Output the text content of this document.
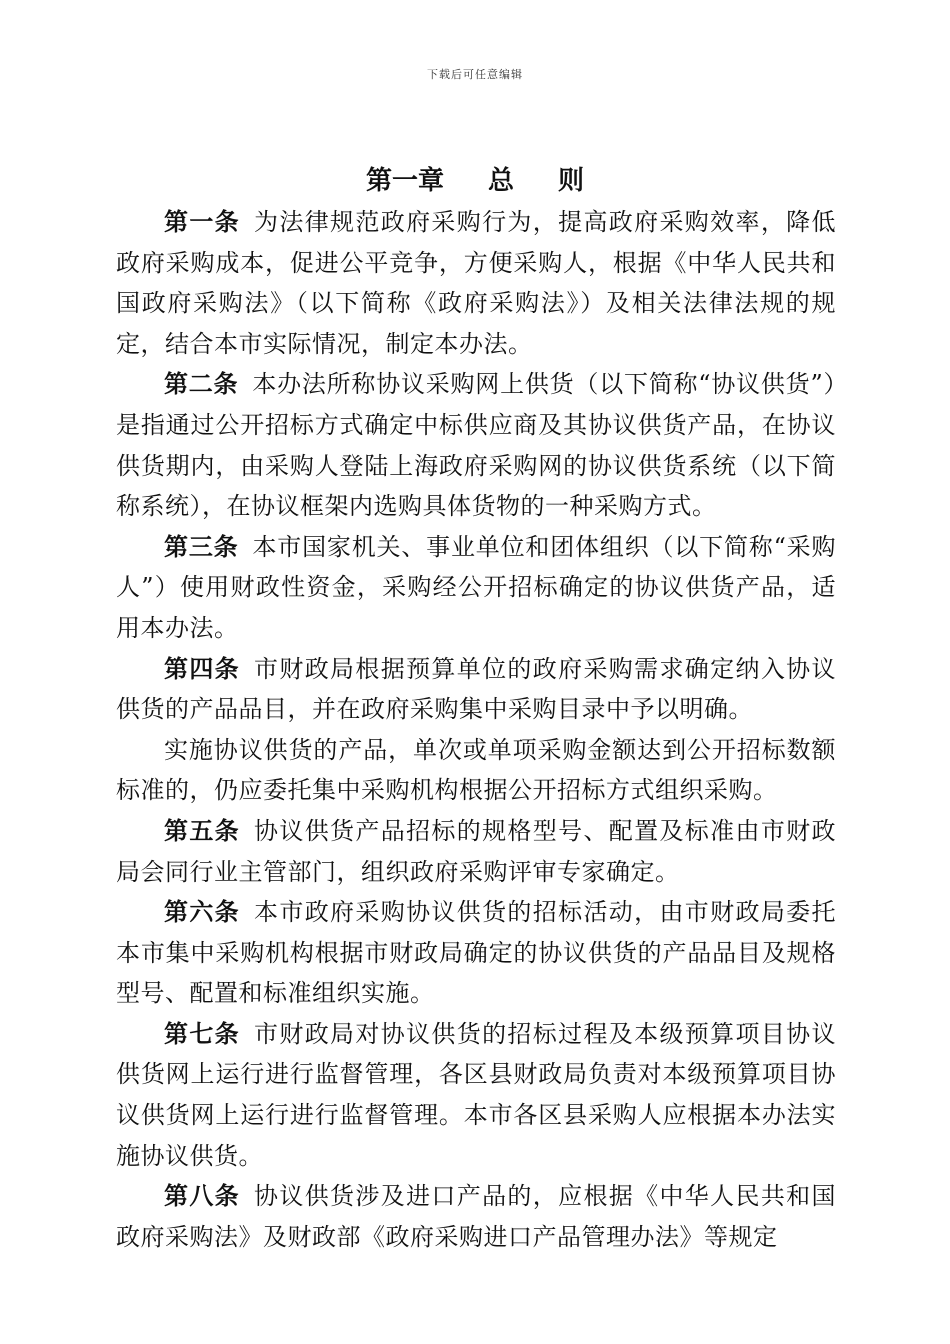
下载后可任意编辑
第一章 总 则

第一条 为法律规范政府采购行为，提高政府采购效率，降低政府采购成本，促进公平竞争，方便采购人，根据《中华人民共和国政府采购法》（以下简称《政府采购法》）及相关法律法规的规定，结合本市实际情况，制定本办法。

第二条 本办法所称协议采购网上供货（以下简称“协议供货”）是指通过公开招标方式确定中标供应商及其协议供货产品，在协议供货期内，由采购人登陆上海政府采购网的协议供货系统（以下简称系统），在协议框架内选购具体货物的一种采购方式。

第三条 本市国家机关、事业单位和团体组织（以下简称“采购人”）使用财政性资金，采购经公开招标确定的协议供货产品，适用本办法。

第四条 市财政局根据预算单位的政府采购需求确定纳入协议供货的产品品目，并在政府采购集中采购目录中予以明确。

实施协议供货的产品，单次或单项采购金额达到公开招标数额标准的，仍应委托集中采购机构根据公开招标方式组织采购。

第五条 协议供货产品招标的规格型号、配置及标准由市财政局会同行业主管部门，组织政府采购评审专家确定。

第六条 本市政府采购协议供货的招标活动，由市财政局委托本市集中采购机构根据市财政局确定的协议供货的产品品目及规格型号、配置和标准组织实施。

第七条 市财政局对协议供货的招标过程及本级预算项目协议供货网上运行进行监督管理，各区县财政局负责对本级预算项目协议供货网上运行进行监督管理。本市各区县采购人应根据本办法实施协议供货。

第八条 协议供货涉及进口产品的，应根据《中华人民共和国政府采购法》及财政部《政府采购进口产品管理办法》等规定
